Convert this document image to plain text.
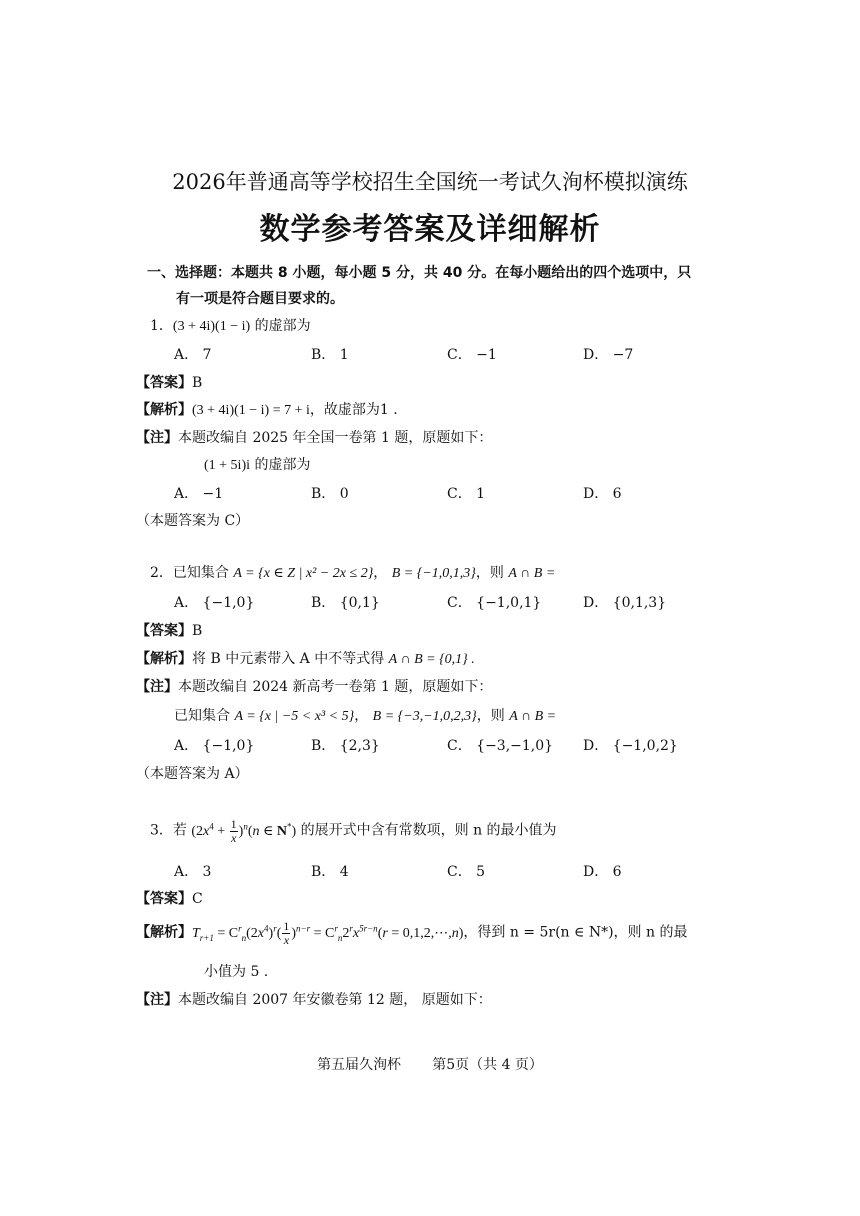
2026年普通高等学校招生全国统一考试久洵杯模拟演练
数学参考答案及详细解析
一、选择题：本题共 8 小题，每小题 5 分，共 40 分。在每小题给出的四个选项中，只
有一项是符合题目要求的。
1．(3 + 4i)(1 − i) 的虚部为
A． 7	B． 1	C． −1	D． −7
【答案】B
【解析】(3 + 4i)(1 − i) = 7 + i，故虚部为1 .
【注】本题改编自 2025 年全国一卷第 1 题，原题如下：
(1 + 5i)i 的虚部为
A． −1	B． 0	C． 1	D． 6
（本题答案为 C）
2．已知集合 A = {x ∈ Z | x² − 2x ≤ 2}， B = {−1,0,1,3}，则 A ∩ B =
A． {−1,0}	B． {0,1}	C． {−1,0,1}	D． {0,1,3}
【答案】B
【解析】将 B 中元素带入 A 中不等式得 A ∩ B = {0,1} .
【注】本题改编自 2024 新高考一卷第 1 题，原题如下：
已知集合 A = {x | −5 < x³ < 5}， B = {−3,−1,0,2,3}，则 A ∩ B =
A． {−1,0}	B． {2,3}	C． {−3,−1,0} D． {−1,0,2}
（本题答案为 A）
3．若 $(2x^4 + \frac{1}{x} )^n(n$ ∈ N*) 的展开式中含有常数项，则 n 的最小值为
A． 3	B． 4	C． 5	D． 6
【答案】C
【解析】$T_{r+1} = C^r_n(2x^4)^r( \frac{1}{x} )^{n-r} = C^r_n2^rx^{5r-n}(r$ = 0,1,2,⋯,n)，得到 n = 5r(n ∈ N*)，则 n 的最
小值为 5 .
【注】本题改编自 2007 年安徽卷第 12 题， 原题如下：
第五届久洵杯 第5页（共 4 页）
